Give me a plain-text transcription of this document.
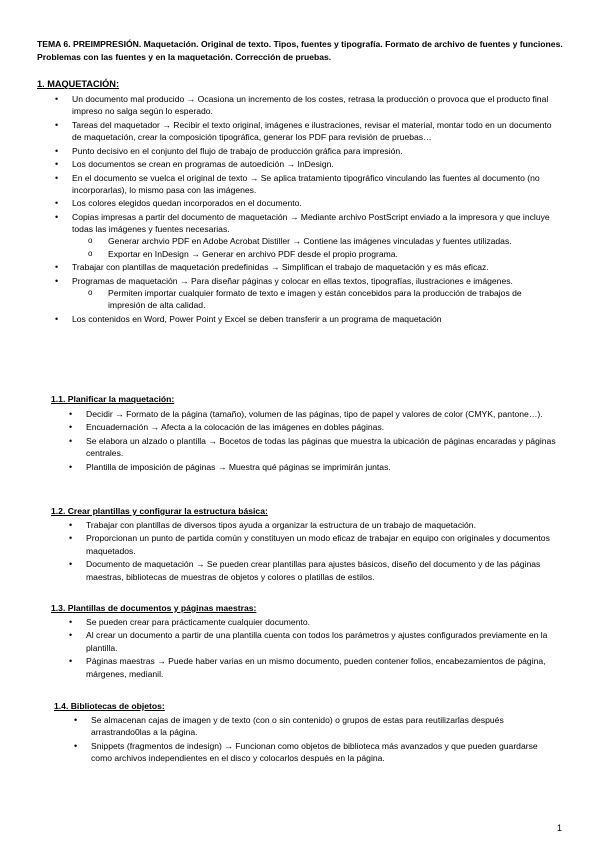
TEMA 6. PREIMPRESIÓN. Maquetación. Original de texto. Tipos, fuentes y tipografía. Formato de archivo de fuentes y funciones. Problemas con las fuentes y en la maquetación. Corrección de pruebas.
1. MAQUETACIÓN:
• Un documento mal producido → Ocasiona un incremento de los costes, retrasa la producción o provoca que el producto final impreso no salga según lo esperado.
• Tareas del maquetador → Recibir el texto original, imágenes e ilustraciones, revisar el material, montar todo en un documento de maquetación, crear la composición tipográfica, generar los PDF para revisión de pruebas…
• Punto decisivo en el conjunto del flujo de trabajo de producción gráfica para impresión.
• Los documentos se crean en programas de autoedición → InDesign.
• En el documento se vuelca el original de texto → Se aplica tratamiento tipográfico vinculando las fuentes al documento (no incorporarlas), lo mismo pasa con las imágenes.
• Los colores elegidos quedan incorporados en el documento.
• Copias impresas a partir del documento de maquetación → Mediante archivo PostScript enviado a la impresora y que incluye todas las imágenes y fuentes necesarias.
o Generar archvio PDF en Adobe Acrobat Distiller → Contiene las imágenes vinculadas y fuentes utilizadas.
o Exportar en InDesign → Generar en archivo PDF desde el propio programa.
• Trabajar con plantillas de maquetación predefinidas → Simplifican el trabajo de maquetación y es más eficaz.
• Programas de maquetación → Para diseñar páginas y colocar en ellas textos, tipografías, ilustraciones e imágenes.
o Permiten importar cualquier formato de texto e imagen y están concebidos para la producción de trabajos de impresión de alta calidad.
• Los contenidos en Word, Power Point y Excel se deben transferir a un programa de maquetación
1.1. Planificar la maquetación:
• Decidir → Formato de la página (tamaño), volumen de las páginas, tipo de papel y valores de color (CMYK, pantone…).
• Encuadernación → Afecta a la colocación de las imágenes en dobles páginas.
• Se elabora un alzado o plantilla → Bocetos de todas las páginas que muestra la ubicación de páginas encaradas y páginas centrales.
• Plantilla de imposición de páginas → Muestra qué páginas se imprimirán juntas.
1.2. Crear plantillas y configurar la estructura básica:
• Trabajar con plantillas de diversos tipos ayuda a organizar la estructura de un trabajo de maquetación.
• Proporcionan un punto de partida común y constituyen un modo eficaz de trabajar en equipo con originales y documentos maquetados.
• Documento de maquetación → Se pueden crear plantillas para ajustes básicos, diseño del documento y de las páginas maestras, bibliotecas de muestras de objetos y colores o platillas de estilos.
1.3. Plantillas de documentos y páginas maestras:
• Se pueden crear para prácticamente cualquier documento.
• Al crear un documento a partir de una plantilla cuenta con todos los parámetros y ajustes configurados previamente en la plantilla.
• Páginas maestras → Puede haber varias en un mismo documento, pueden contener folios, encabezamientos de página, márgenes, medianil.
1.4. Bibliotecas de objetos:
• Se almacenan cajas de imagen y de texto (con o sin contenido) o grupos de estas para reutilizarlas después arrastrando0las a la página.
• Snippets (fragmentos de indesign) → Funcionan como objetos de biblioteca más avanzados y que pueden guardarse como archivos independientes en el disco y colocarlos después en la página.
1
